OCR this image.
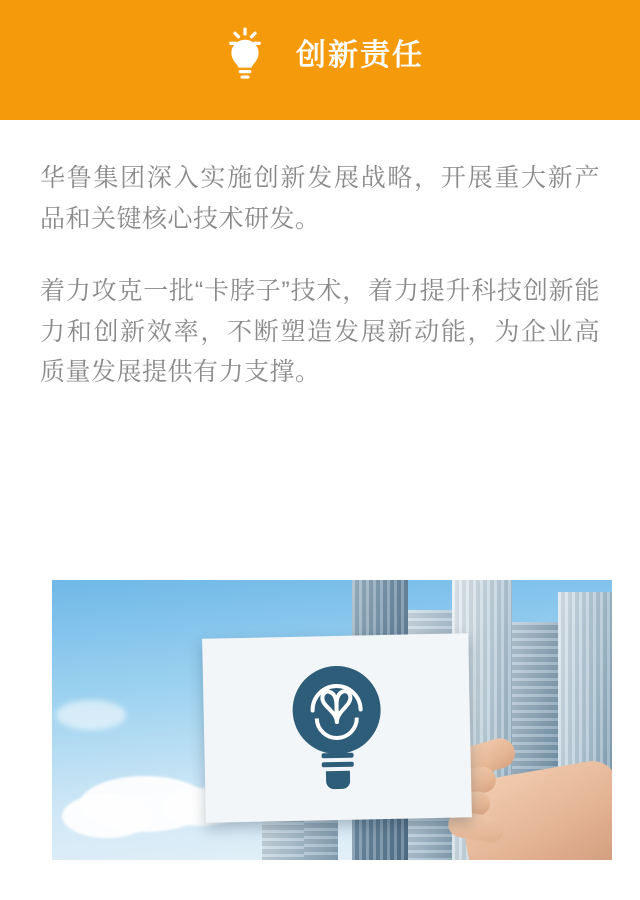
创新责任

华鲁集团深入实施创新发展战略，开展重大新产品和关键核心技术研发。

着力攻克一批“卡脖子”技术，着力提升科技创新能力和创新效率，不断塑造发展新动能，为企业高质量发展提供有力支撑。
